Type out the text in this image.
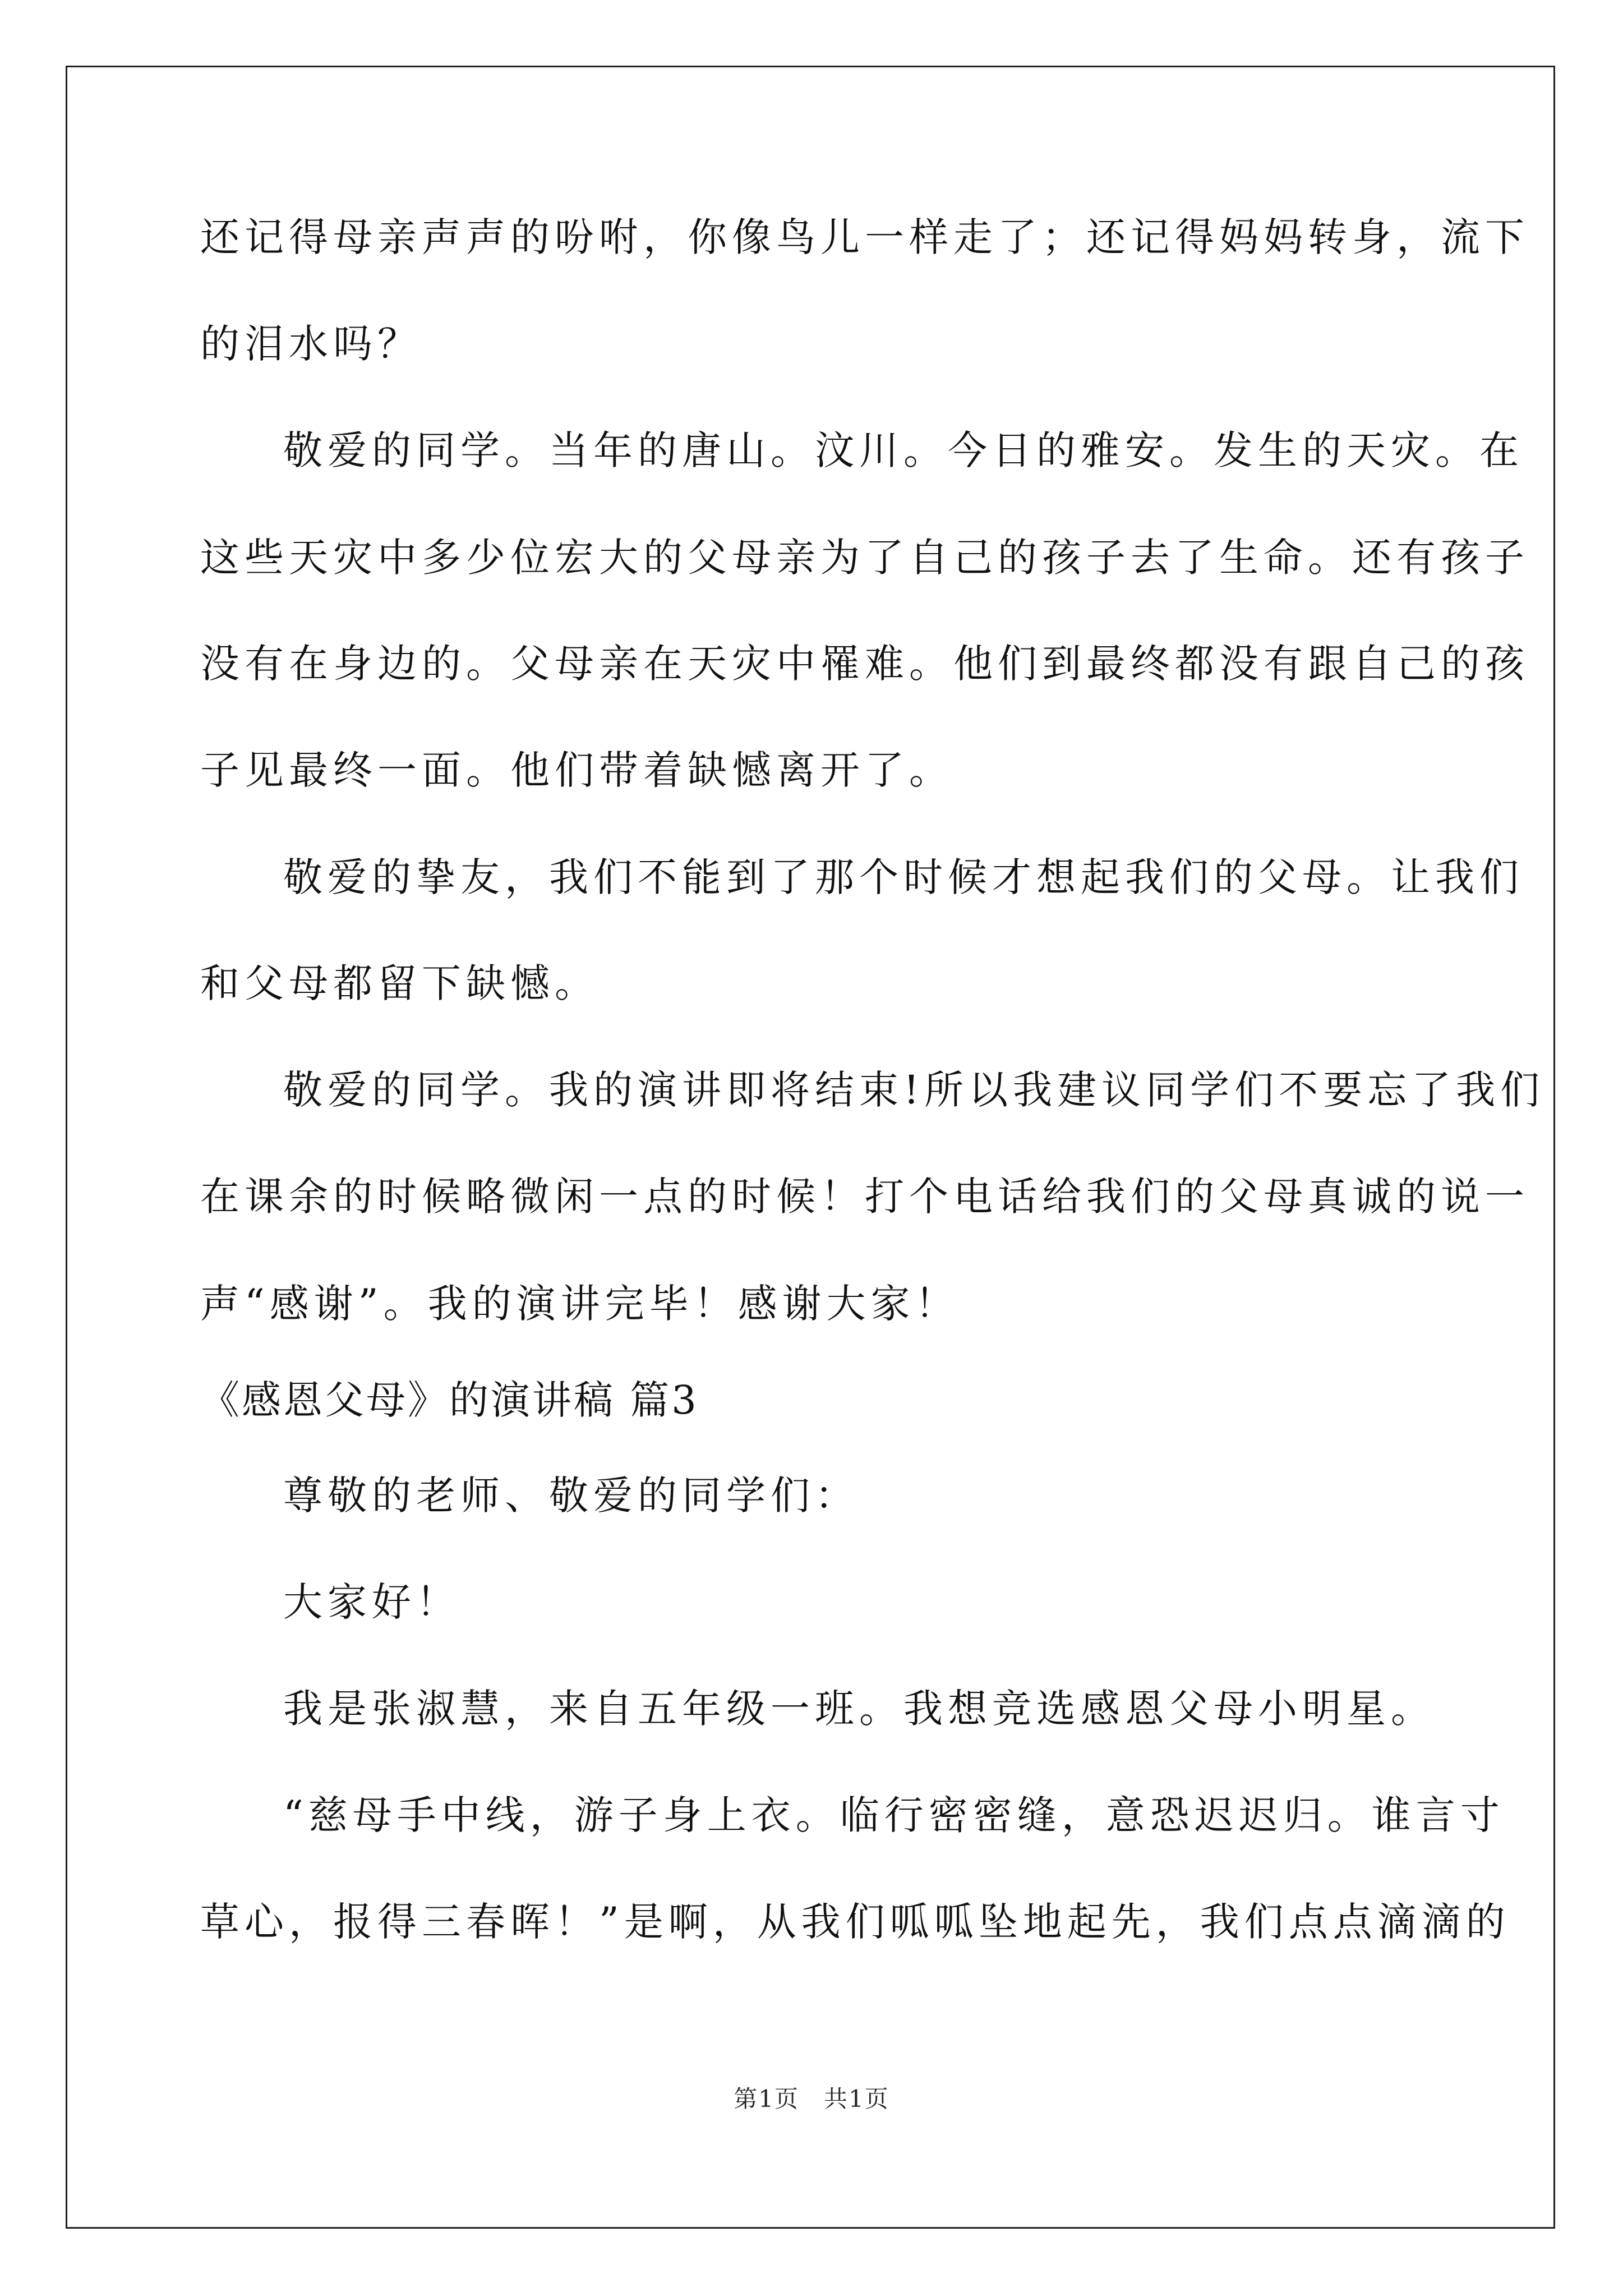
还记得母亲声声的吩咐，你像鸟儿一样走了；还记得妈妈转身，流下
的泪水吗？
敬爱的同学。当年的唐山。汶川。今日的雅安。发生的天灾。在
这些天灾中多少位宏大的父母亲为了自己的孩子去了生命。还有孩子
没有在身边的。父母亲在天灾中罹难。他们到最终都没有跟自己的孩
子见最终一面。他们带着缺憾离开了。
敬爱的挚友，我们不能到了那个时候才想起我们的父母。让我们
和父母都留下缺憾。
敬爱的同学。我的演讲即将结束!所以我建议同学们不要忘了我们
在课余的时候略微闲一点的时候！打个电话给我们的父母真诚的说一
声“感谢”。我的演讲完毕！感谢大家！
《感恩父母》的演讲稿 篇3
尊敬的老师、敬爱的同学们：
大家好！
我是张淑慧，来自五年级一班。我想竞选感恩父母小明星。
“慈母手中线，游子身上衣。临行密密缝，意恐迟迟归。谁言寸
草心，报得三春晖！”是啊，从我们呱呱坠地起先，我们点点滴滴的
第1页　共1页
